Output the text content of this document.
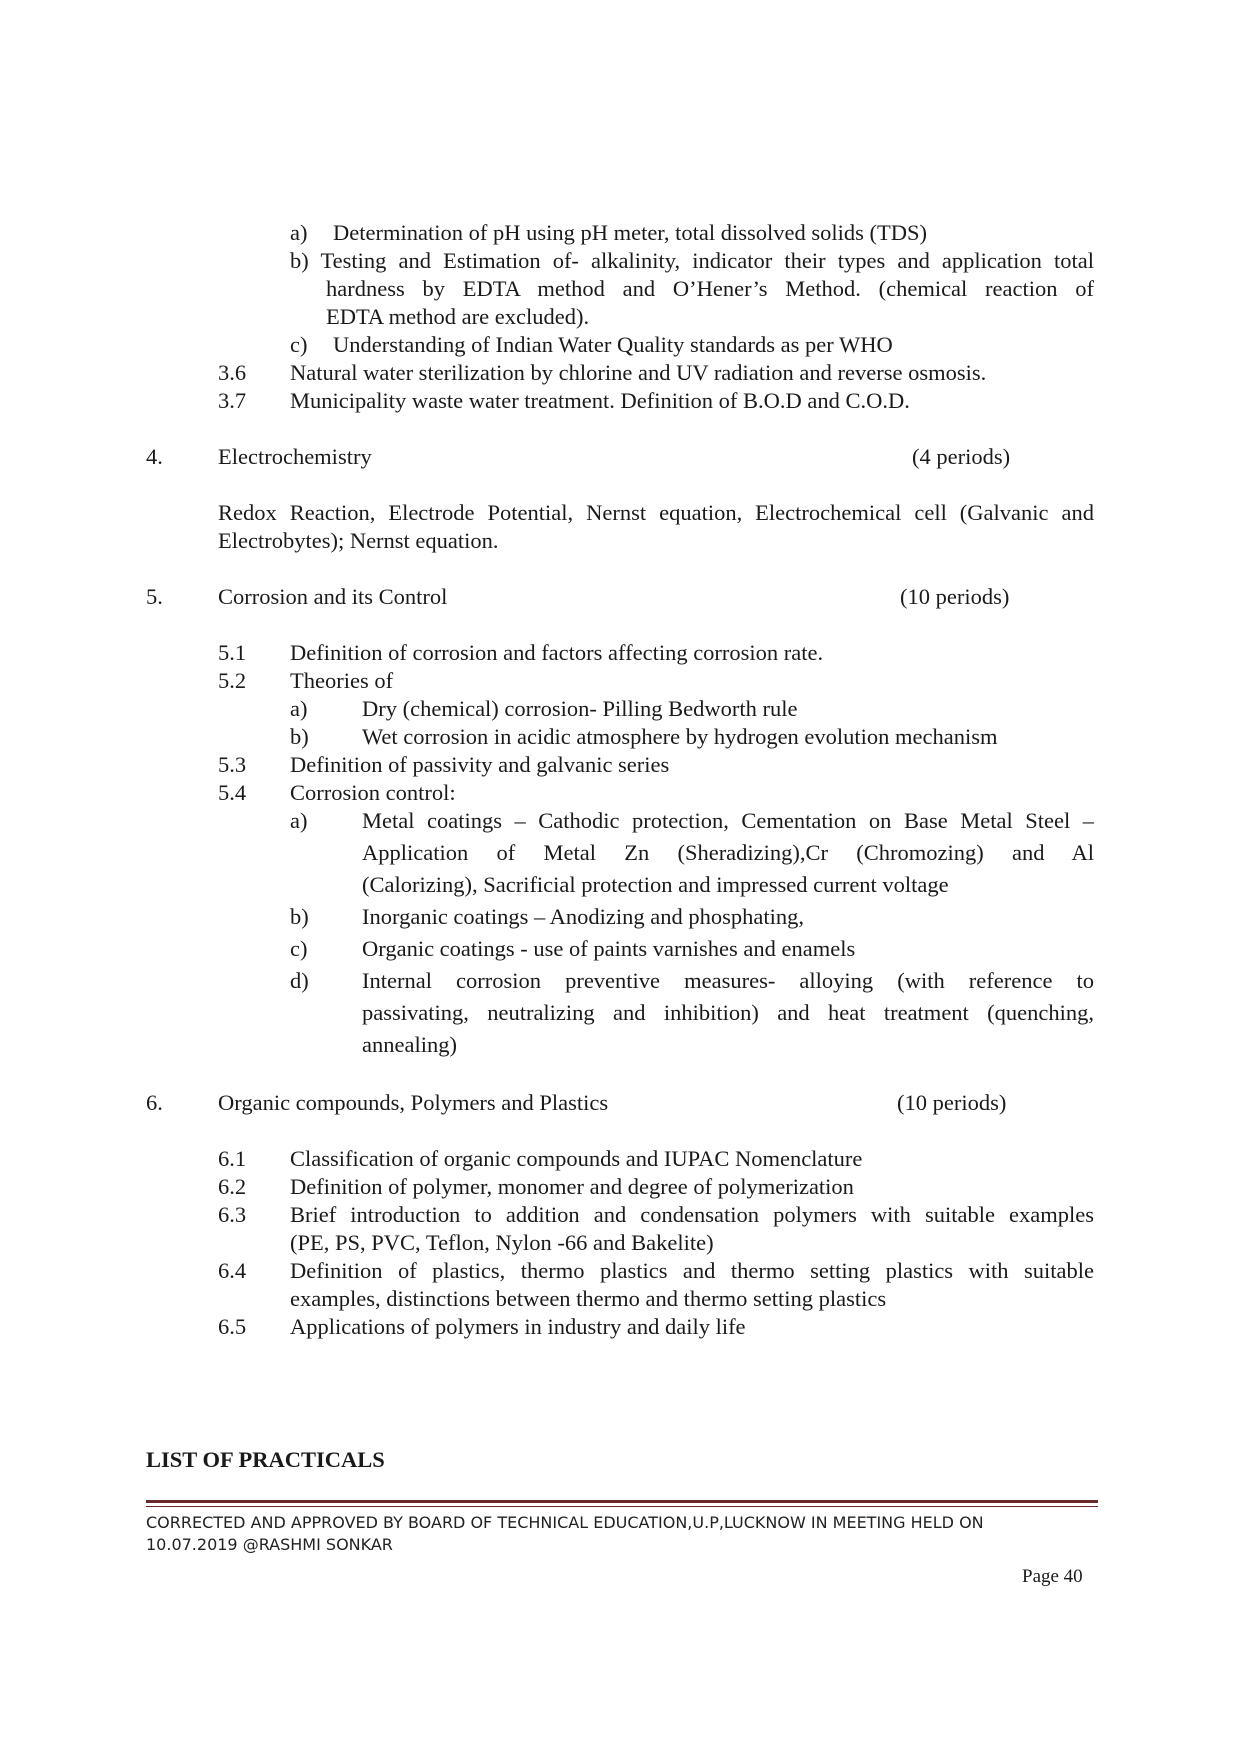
a) Determination of pH using pH meter, total dissolved solids (TDS)
b) Testing and Estimation of- alkalinity, indicator their types and application total
hardness by EDTA method and O’Hener’s Method. (chemical reaction of
EDTA method are excluded).
c) Understanding of Indian Water Quality standards as per WHO
3.6 Natural water sterilization by chlorine and UV radiation and reverse osmosis.
3.7 Municipality waste water treatment. Definition of B.O.D and C.O.D.
4. Electrochemistry	(4 periods)
Redox Reaction, Electrode Potential, Nernst equation, Electrochemical cell (Galvanic and
Electrobytes); Nernst equation.
5. Corrosion and its Control	(10 periods)
5.1 Definition of corrosion and factors affecting corrosion rate.
5.2 Theories of
a) Dry (chemical) corrosion- Pilling Bedworth rule
b) Wet corrosion in acidic atmosphere by hydrogen evolution mechanism
5.3 Definition of passivity and galvanic series
5.4 Corrosion control:
a) Metal coatings – Cathodic protection, Cementation on Base Metal Steel –
Application of Metal Zn (Sheradizing),Cr (Chromozing) and Al
(Calorizing), Sacrificial protection and impressed current voltage
b) Inorganic coatings – Anodizing and phosphating,
c) Organic coatings - use of paints varnishes and enamels
d) Internal corrosion preventive measures- alloying (with reference to
passivating, neutralizing and inhibition) and heat treatment (quenching,
annealing)
6. Organic compounds, Polymers and Plastics	(10 periods)
6.1 Classification of organic compounds and IUPAC Nomenclature
6.2 Definition of polymer, monomer and degree of polymerization
6.3 Brief introduction to addition and condensation polymers with suitable examples
(PE, PS, PVC, Teflon, Nylon -66 and Bakelite)
6.4 Definition of plastics, thermo plastics and thermo setting plastics with suitable
examples, distinctions between thermo and thermo setting plastics
6.5 Applications of polymers in industry and daily life
LIST OF PRACTICALS
CORRECTED AND APPROVED BY BOARD OF TECHNICAL EDUCATION,U.P,LUCKNOW IN MEETING HELD ON
10.07.2019 @RASHMI SONKAR
Page 40
